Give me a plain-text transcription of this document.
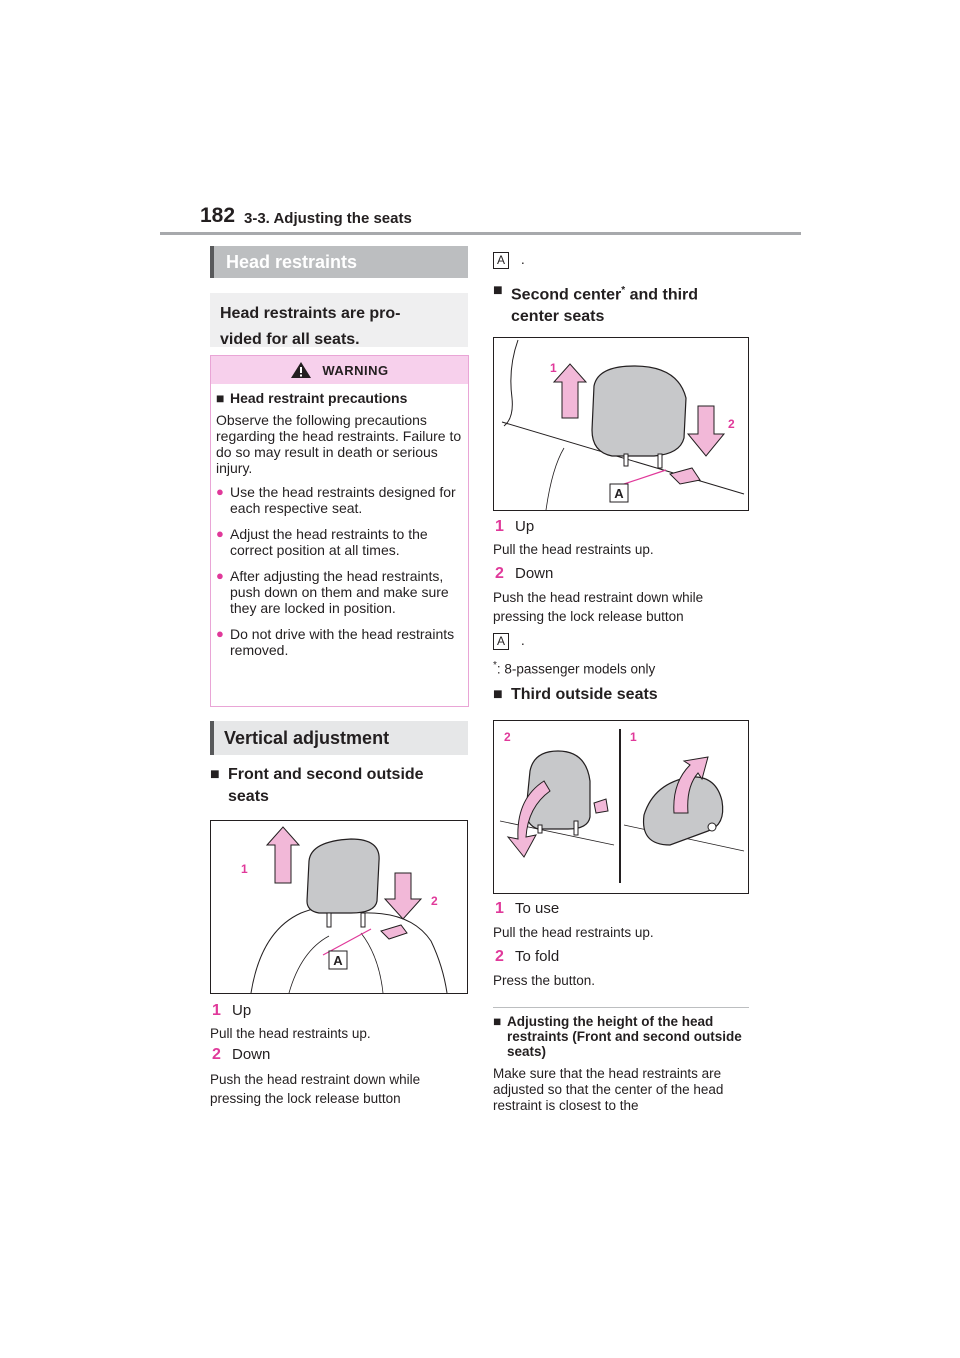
182 3-3. Adjusting the seats
Head restraints
Head restraints are pro-
vided for all seats.
WARNING
■ Head restraint precautions

Observe the following precautions regarding the head restraints. Failure to do so may result in death or serious injury.

● Use the head restraints designed for each respective seat.
● Adjust the head restraints to the correct position at all times.
● After adjusting the head restraints, push down on them and make sure they are locked in position.
● Do not drive with the head restraints removed.
Vertical adjustment
■ Front and second outside seats
A
1
2
1 Up
Pull the head restraints up.
2 Down
Push the head restraint down while pressing the lock release button
A .
■ Second center* and third
center seats
A
1
2
1 Up
Pull the head restraints up.
2 Down
Push the head restraint down while pressing the lock release button
A .
*: 8-passenger models only
■ Third outside seats
2	1
1 To use
Pull the head restraints up.
2 To fold
Press the button.
■ Adjusting the height of the head restraints (Front and second outside seats)
Make sure that the head restraints are adjusted so that the center of the head restraint is closest to the
